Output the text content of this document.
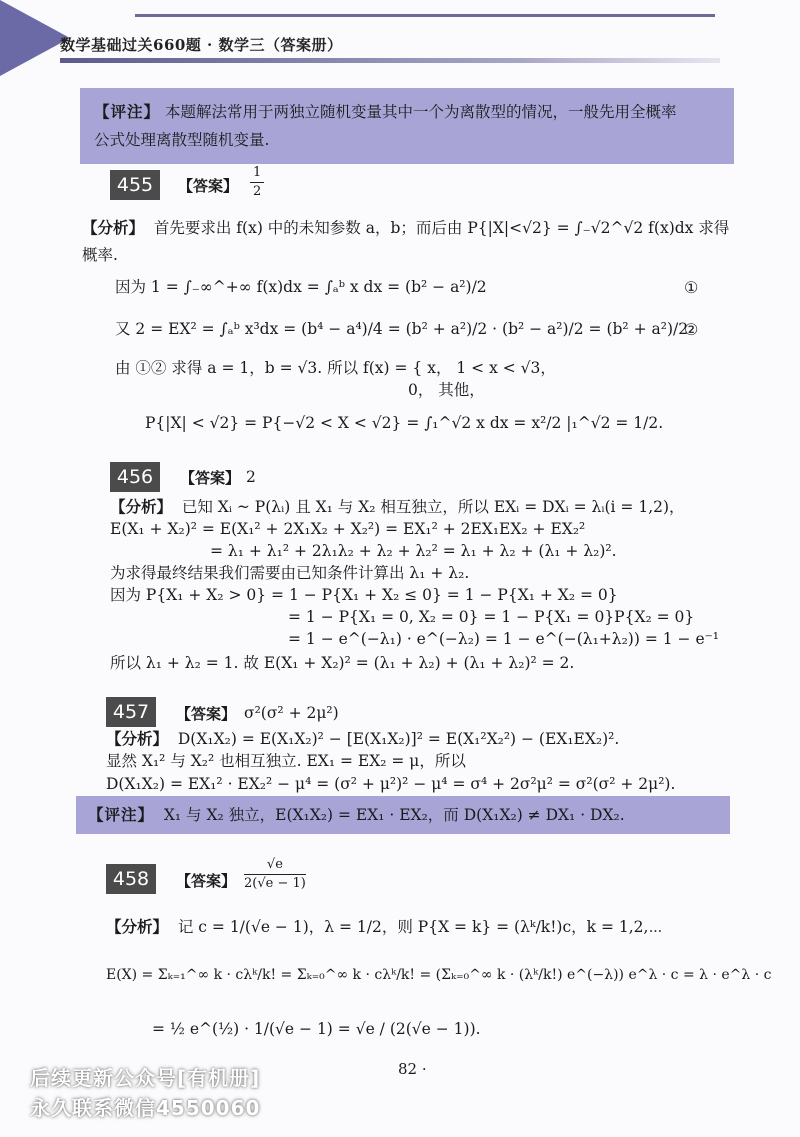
数学基础过关660题 · 数学三（答案册）
【评注】 本题解法常用于两独立随机变量其中一个为离散型的情况，一般先用全概率
公式处理离散型随机变量.
455	【答案】 $\frac{1}{2}$
【分析】 首先要求出 f(x) 中的未知参数 a，b；而后由 P{|X|<√2} = ∫₋√2^√2 f(x)dx 求得
概率.
因为 1 = ∫₋∞^+∞ f(x)dx = ∫ₐᵇ x dx = (b² − a²)/2	①
又 2 = EX² = ∫ₐᵇ x³dx = (b⁴ − a⁴)/4 = (b² + a²)/2 · (b² − a²)/2 = (b² + a²)/2
②
由 ①② 求得 a = 1，b = √3. 所以 f(x) = { x， 1 < x < √3，
0， 其他，
P{|X| < √2} = P{−√2 < X < √2} = ∫₁^√2 x dx = x²/2 |₁^√2 = 1/2.
456	【答案】 2
【分析】 已知 Xᵢ ~ P(λᵢ) 且 X₁ 与 X₂ 相互独立，所以 EXᵢ = DXᵢ = λᵢ(i = 1,2)，
E(X₁ + X₂)² = E(X₁² + 2X₁X₂ + X₂²) = EX₁² + 2EX₁EX₂ + EX₂²
= λ₁ + λ₁² + 2λ₁λ₂ + λ₂ + λ₂² = λ₁ + λ₂ + (λ₁ + λ₂)².
为求得最终结果我们需要由已知条件计算出 λ₁ + λ₂.
因为 P{X₁ + X₂ > 0} = 1 − P{X₁ + X₂ ≤ 0} = 1 − P{X₁ + X₂ = 0}
= 1 − P{X₁ = 0, X₂ = 0} = 1 − P{X₁ = 0}P{X₂ = 0}
= 1 − e^(−λ₁) · e^(−λ₂) = 1 − e^(−(λ₁+λ₂)) = 1 − e⁻¹
所以 λ₁ + λ₂ = 1. 故 E(X₁ + X₂)² = (λ₁ + λ₂) + (λ₁ + λ₂)² = 2.
457	【答案】 σ²(σ² + 2μ²)
【分析】 D(X₁X₂) = E(X₁X₂)² − [E(X₁X₂)]² = E(X₁²X₂²) − (EX₁EX₂)².
显然 X₁² 与 X₂² 也相互独立. EX₁ = EX₂ = μ，所以
D(X₁X₂) = EX₁² · EX₂² − μ⁴ = (σ² + μ²)² − μ⁴ = σ⁴ + 2σ²μ² = σ²(σ² + 2μ²).
【评注】 X₁ 与 X₂ 独立，E(X₁X₂) = EX₁ · EX₂，而 D(X₁X₂) ≠ DX₁ · DX₂.
458	【答案】 $\frac{√e}{2(√e - 1)}$
【分析】 记 c = 1/(√e − 1)，λ = 1/2，则 P{X = k} = (λᵏ/k!)c，k = 1,2,⋯
E(X) = Σₖ₌₁^∞ k · cλᵏ/k! = Σₖ₌₀^∞ k · cλᵏ/k! = (Σₖ₌₀^∞ k · (λᵏ/k!) e^(−λ)) e^λ · c = λ · e^λ · c
= ½ e^(½) · 1/(√e − 1) = √e / (2(√e − 1)).
82 ·
后续更新公众号[有机册]
永久联系微信4550060
